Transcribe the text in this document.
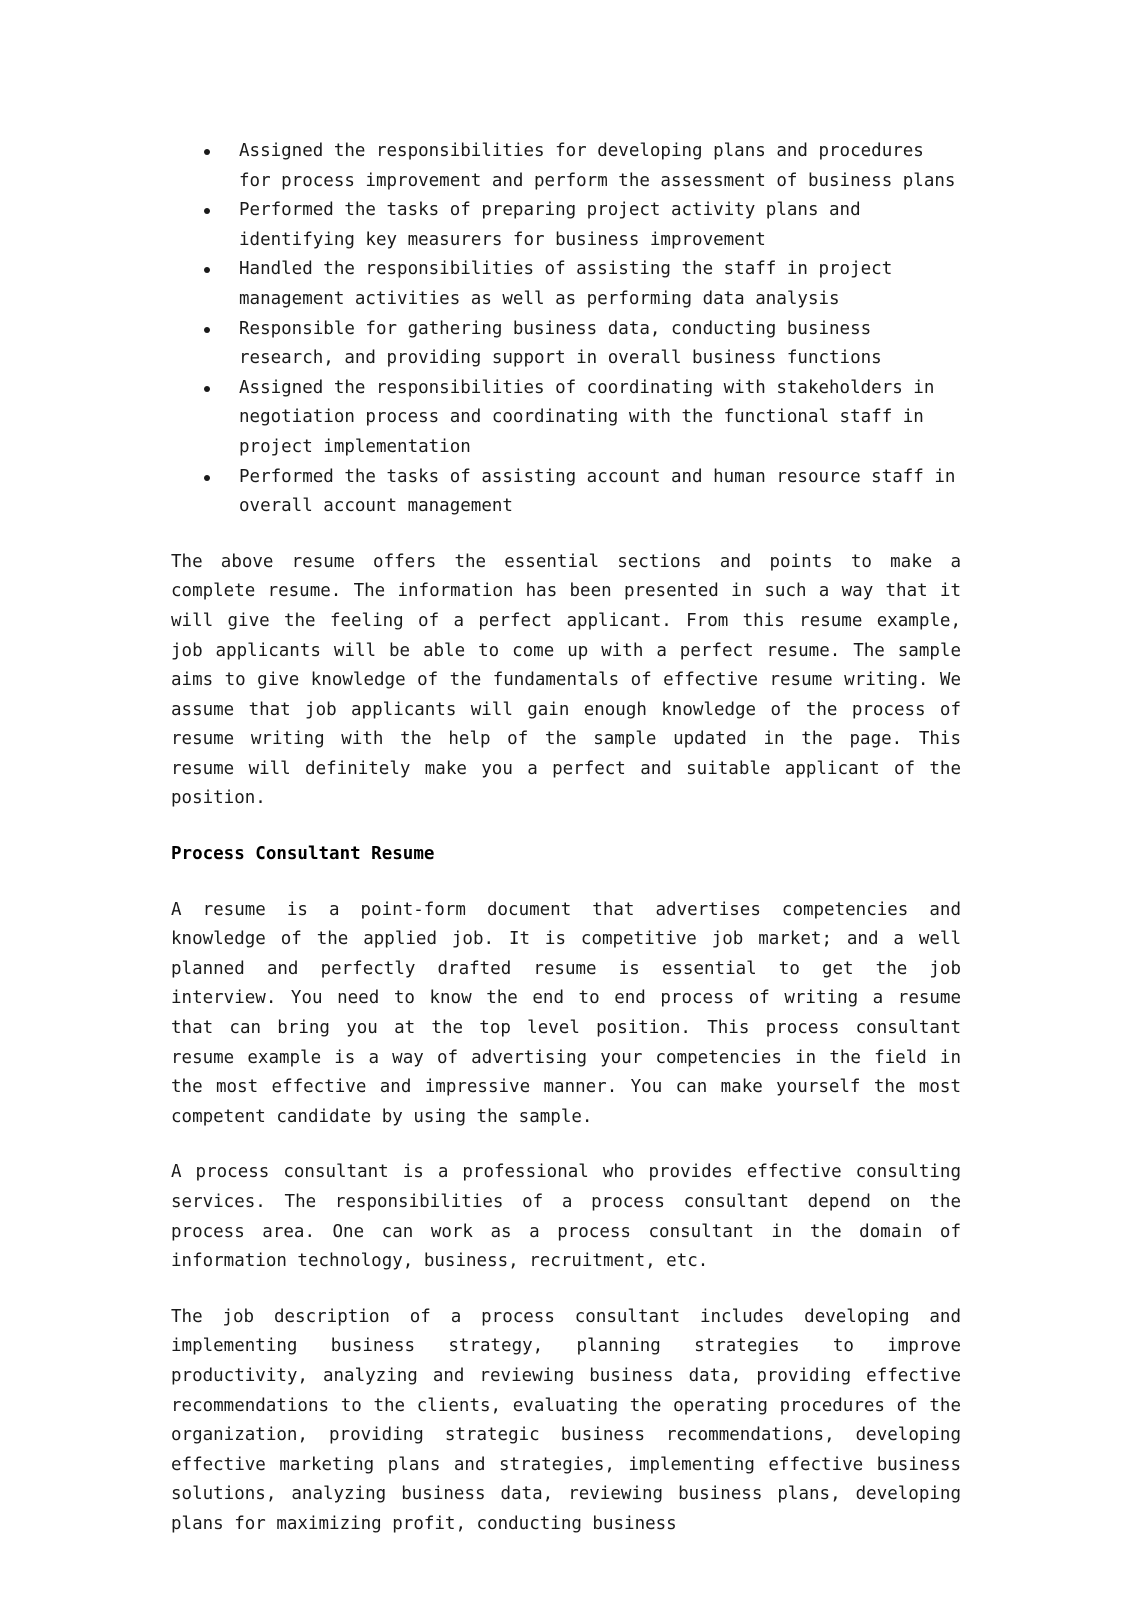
Assigned the responsibilities for developing plans and procedures for process improvement and perform the assessment of business plans
Performed the tasks of preparing project activity plans and identifying key measurers for business improvement
Handled the responsibilities of assisting the staff in project management activities as well as performing data analysis
Responsible for gathering business data, conducting business research, and providing support in overall business functions
Assigned the responsibilities of coordinating with stakeholders in negotiation process and coordinating with the functional staff in project implementation
Performed the tasks of assisting account and human resource staff in overall account management

The above resume offers the essential sections and points to make a complete resume. The information has been presented in such a way that it will give the feeling of a perfect applicant. From this resume example, job applicants will be able to come up with a perfect resume. The sample aims to give knowledge of the fundamentals of effective resume writing. We assume that job applicants will gain enough knowledge of the process of resume writing with the help of the sample updated in the page. This resume will definitely make you a perfect and suitable applicant of the position.

Process Consultant Resume

A resume is a point-form document that advertises competencies and knowledge of the applied job. It is competitive job market; and a well planned and perfectly drafted resume is essential to get the job interview. You need to know the end to end process of writing a resume that can bring you at the top level position. This process consultant resume example is a way of advertising your competencies in the field in the most effective and impressive manner. You can make yourself the most competent candidate by using the sample.

A process consultant is a professional who provides effective consulting services. The responsibilities of a process consultant depend on the process area. One can work as a process consultant in the domain of information technology, business, recruitment, etc.

The job description of a process consultant includes developing and implementing business strategy, planning strategies to improve productivity, analyzing and reviewing business data, providing effective recommendations to the clients, evaluating the operating procedures of the organization, providing strategic business recommendations, developing effective marketing plans and strategies, implementing effective business solutions, analyzing business data, reviewing business plans, developing plans for maximizing profit, conducting business
